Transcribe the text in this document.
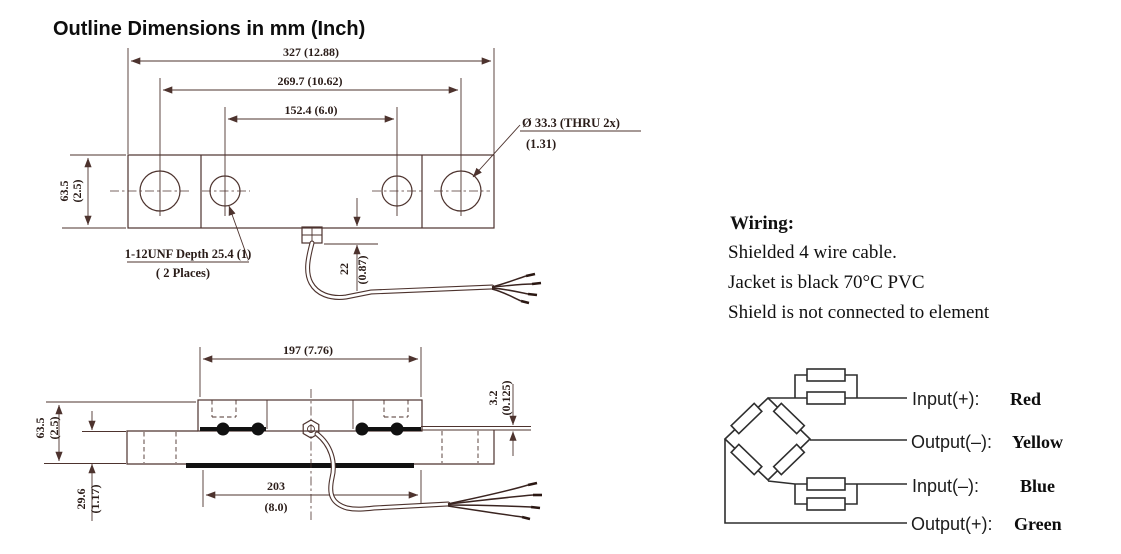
Outline Dimensions in mm (Inch)
327 (12.88)
269.7 (10.62)
152.4 (6.0)
63.5 (2.5)
Ø 33.3 (THRU 2x)
(1.31)
1-12UNF Depth 25.4 (1)
( 2 Places)	22 (0.87)
197 (7.76)
203
(8.0)
3.2 (0.125)
63.5 (2.5)
29.6 (1.17)
Wiring:
Shielded 4 wire cable.
Jacket is black 70°C PVC
Shield is not connected to element
Input(+): Red
Output(–): Yellow
Input(–): Blue
Output(+): Green
